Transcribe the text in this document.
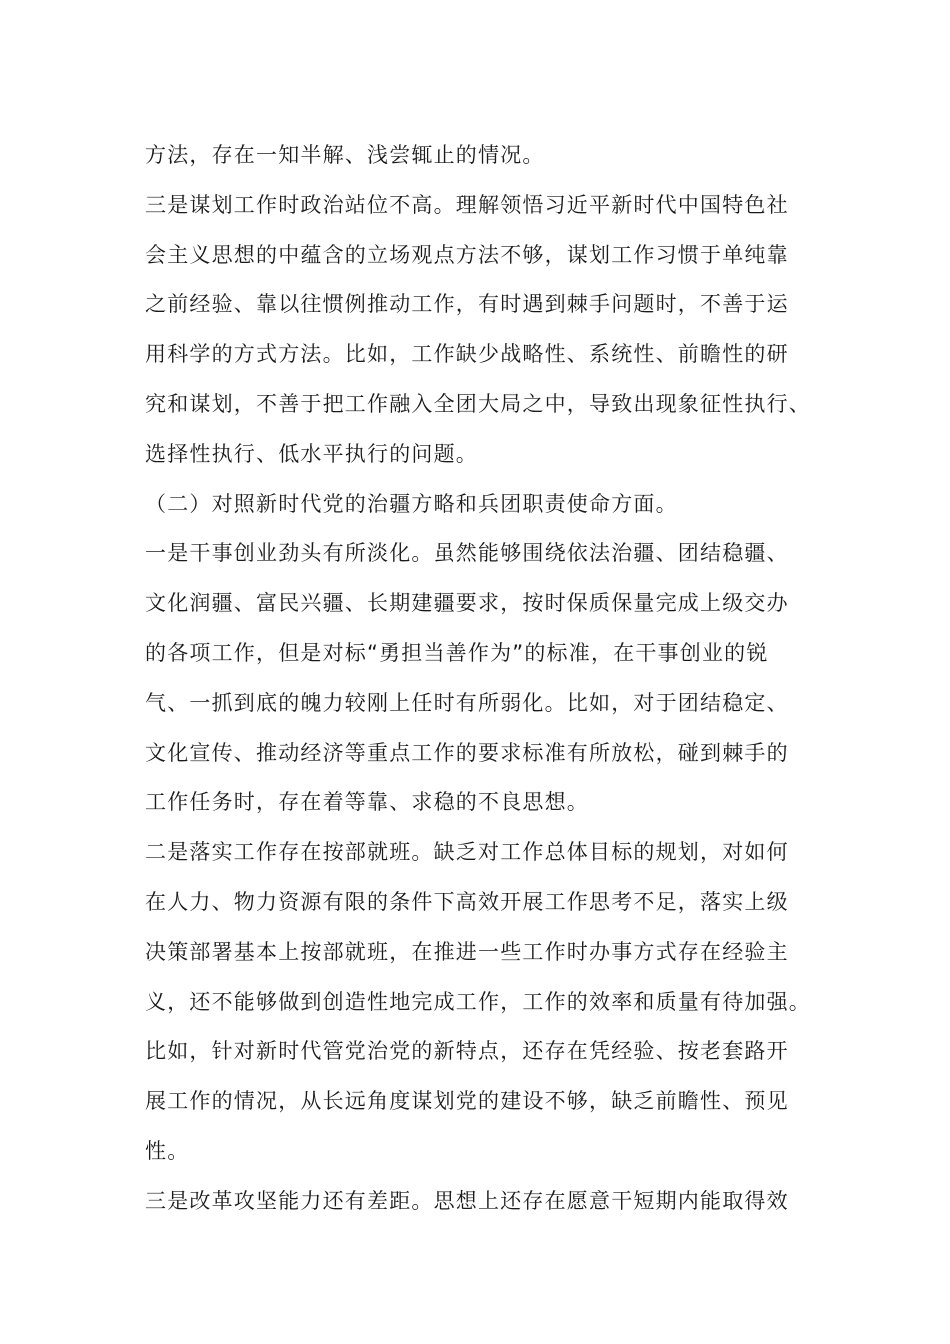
方法，存在一知半解、浅尝辄止的情况。
三是谋划工作时政治站位不高。理解领悟习近平新时代中国特色社
会主义思想的中蕴含的立场观点方法不够，谋划工作习惯于单纯靠
之前经验、靠以往惯例推动工作，有时遇到棘手问题时，不善于运
用科学的方式方法。比如，工作缺少战略性、系统性、前瞻性的研
究和谋划，不善于把工作融入全团大局之中，导致出现象征性执行、
选择性执行、低水平执行的问题。
（二）对照新时代党的治疆方略和兵团职责使命方面。
一是干事创业劲头有所淡化。虽然能够围绕依法治疆、团结稳疆、
文化润疆、富民兴疆、长期建疆要求，按时保质保量完成上级交办
的各项工作，但是对标“勇担当善作为”的标准，在干事创业的锐
气、一抓到底的魄力较刚上任时有所弱化。比如，对于团结稳定、
文化宣传、推动经济等重点工作的要求标准有所放松，碰到棘手的
工作任务时，存在着等靠、求稳的不良思想。
二是落实工作存在按部就班。缺乏对工作总体目标的规划，对如何
在人力、物力资源有限的条件下高效开展工作思考不足，落实上级
决策部署基本上按部就班，在推进一些工作时办事方式存在经验主
义，还不能够做到创造性地完成工作，工作的效率和质量有待加强。
比如，针对新时代管党治党的新特点，还存在凭经验、按老套路开
展工作的情况，从长远角度谋划党的建设不够，缺乏前瞻性、预见
性。
三是改革攻坚能力还有差距。思想上还存在愿意干短期内能取得效
